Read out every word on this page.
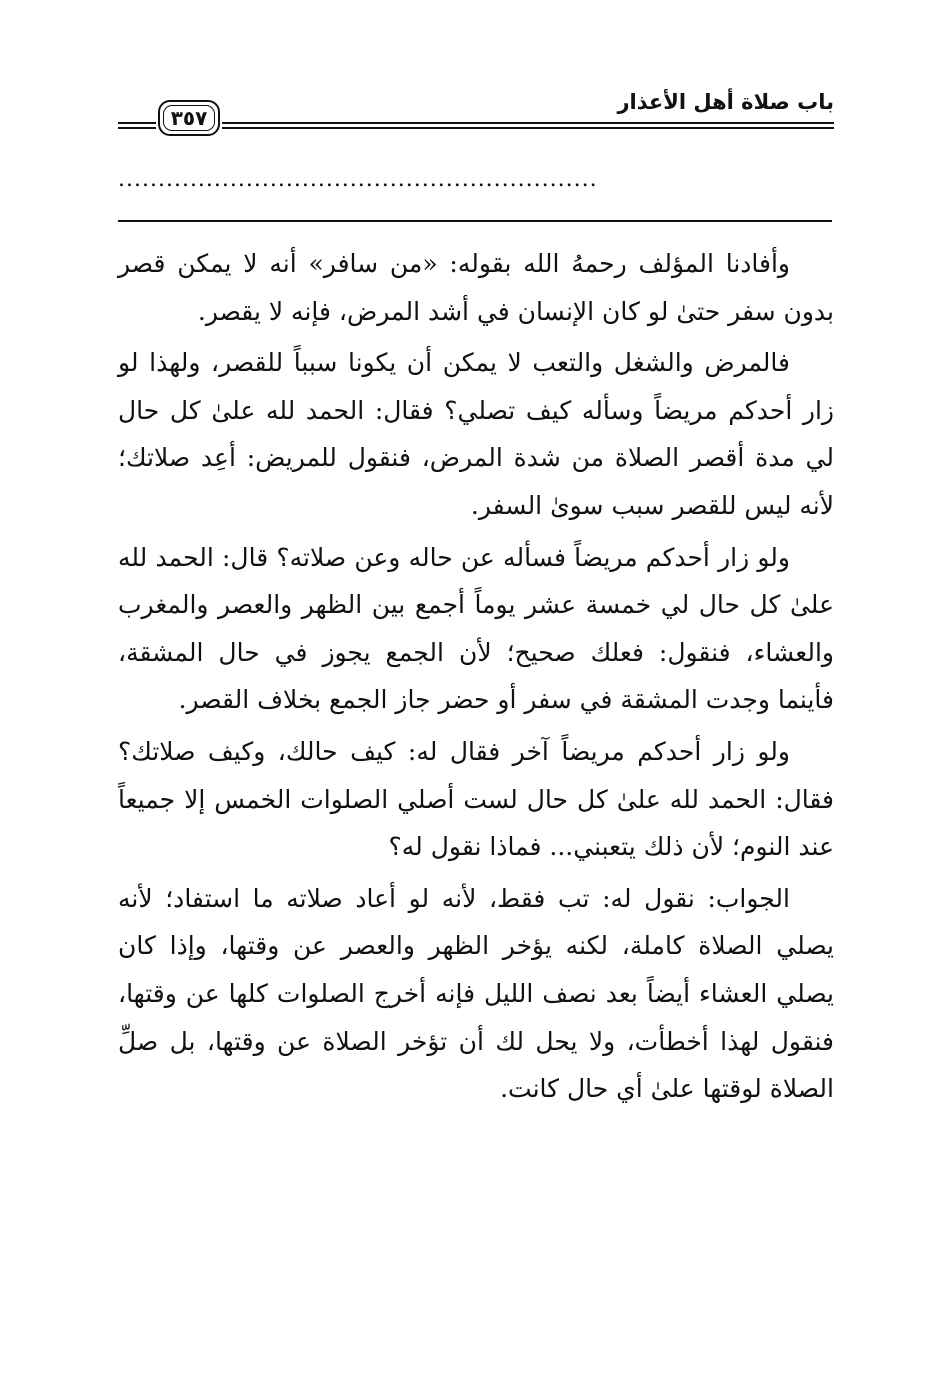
٣٥٧
باب صلاة أهل الأعذار
............................................................

وأفادنا المؤلف رحمهُ الله بقوله: «من سافر» أنه لا يمكن قصر بدون سفر حتىٰ لو كان الإنسان في أشد المرض، فإنه لا يقصر.

فالمرض والشغل والتعب لا يمكن أن يكونا سبباً للقصر، ولهذا لو زار أحدكم مريضاً وسأله كيف تصلي؟ فقال: الحمد لله علىٰ كل حال لي مدة أقصر الصلاة من شدة المرض، فنقول للمريض: أعِد صلاتك؛ لأنه ليس للقصر سبب سوىٰ السفر.

ولو زار أحدكم مريضاً فسأله عن حاله وعن صلاته؟ قال: الحمد لله علىٰ كل حال لي خمسة عشر يوماً أجمع بين الظهر والعصر والمغرب والعشاء، فنقول: فعلك صحيح؛ لأن الجمع يجوز في حال المشقة، فأينما وجدت المشقة في سفر أو حضر جاز الجمع بخلاف القصر.

ولو زار أحدكم مريضاً آخر فقال له: كيف حالك، وكيف صلاتك؟ فقال: الحمد لله علىٰ كل حال لست أصلي الصلوات الخمس إلا جميعاً عند النوم؛ لأن ذلك يتعبني... فماذا نقول له؟

الجواب: نقول له: تب فقط، لأنه لو أعاد صلاته ما استفاد؛ لأنه يصلي الصلاة كاملة، لكنه يؤخر الظهر والعصر عن وقتها، وإذا كان يصلي العشاء أيضاً بعد نصف الليل فإنه أخرج الصلوات كلها عن وقتها، فنقول لهذا أخطأت، ولا يحل لك أن تؤخر الصلاة عن وقتها، بل صلِّ الصلاة لوقتها علىٰ أي حال كانت.
